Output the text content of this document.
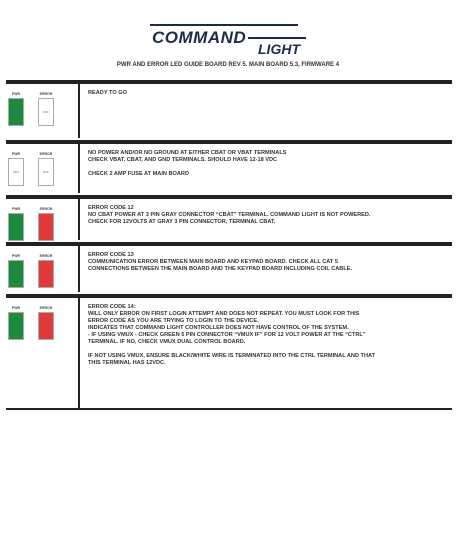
COMMAND
LIGHT
PWR AND ERROR LED GUIDE BOARD REV 5. MAIN BOARD 5.3, FIRMWARE 4
PWR	ERROR
OFF

READY TO GO

PWR	ERROR
OFF	OFF

NO POWER AND/OR NO GROUND AT EITHER CBAT OR VBAT TERMINALS

CHECK VBAT, CBAT, AND GND TERMINALS. SHOULD HAVE 12-18 VDC

CHECK 2 AMP FUSE AT MAIN BOARD

PWR	ERROR	ERROR CODE 12

NO CBAT POWER AT 3 PIN GRAY CONNECTOR “CBAT” TERMINAL. COMMAND LIGHT IS NOT POWERED.

CHECK FOR 12VOLTS AT GRAY 3 PIN CONNECTOR, TERMINAL CBAT.

PWR	ERROR	ERROR CODE 13

COMMUNICATION ERROR BETWEEN MAIN BOARD AND KEYPAD BOARD. CHECK ALL CAT 5

CONNECTIONS BETWEEN THE MAIN BOARD AND THE KEYPAD BOARD INCLUDING COIL CABLE.

PWR	ERROR	ERROR CODE 14:

WILL ONLY ERROR ON FIRST LOGIN ATTEMPT AND DOES NOT REPEAT. YOU MUST LOOK FOR THIS

ERROR CODE AS YOU ARE TRYING TO LOGIN TO THE DEVICE.

INDICATES THAT COMMAND LIGHT CONTROLLER DOES NOT HAVE CONTROL OF THE SYSTEM.

- IF USING VMUX - CHECK GREEN 5 PIN CONNECTOR “VMUX IF” FOR 12 VOLT POWER AT THE “CTRL”

TERMINAL. IF NO, CHECK VMUX DUAL CONTROL BOARD.

IF NOT USING VMUX, ENSURE BLACK/WHITE WIRE IS TERMINATED INTO THE CTRL TERMINAL AND THAT

THIS TERMINAL HAS 12VDC.
